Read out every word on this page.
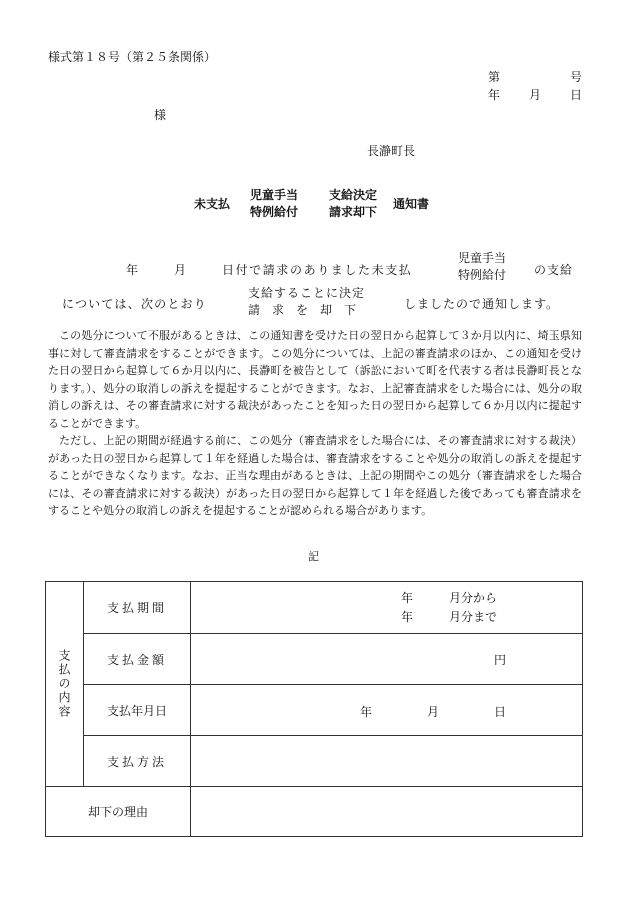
様式第１８号（第２５条関係）
第	号
年 月 日
様
長瀞町長
未支払
児童手当
特例給付
支給決定
請求却下
通知書
年	月	日付で請求のありました未支払
児童手当
特例給付 の支給
については、次のとおり
支給することに決定
請　求　を　却　下	しましたので通知します。
この処分について不服があるときは、この通知書を受けた日の翌日から起算して３か月以内に、埼玉県知事に対して審査請求をすることができます。この処分については、上記の審査請求のほか、この通知を受けた日の翌日から起算して６か月以内に、長瀞町を被告として（訴訟において町を代表する者は長瀞町長となります。）、処分の取消しの訴えを提起することができます。なお、上記審査請求をした場合には、処分の取消しの訴えは、その審査請求に対する裁決があったことを知った日の翌日から起算して６か月以内に提起することができます。
ただし、上記の期間が経過する前に、この処分（審査請求をした場合には、その審査請求に対する裁決）があった日の翌日から起算して１年を経過した場合は、審査請求をすることや処分の取消しの訴えを提起することができなくなります。なお、正当な理由があるときは、上記の期間やこの処分（審査請求をした場合には、その審査請求に対する裁決）があった日の翌日から起算して１年を経過した後であっても審査請求をすることや処分の取消しの訴えを提起することが認められる場合があります。
記
支払の内容	支払期間	年　　　月分から
年　　　月分まで

	支払金額	円
	支払年月日	年 月 日

	支払方法	
却下の理由		
